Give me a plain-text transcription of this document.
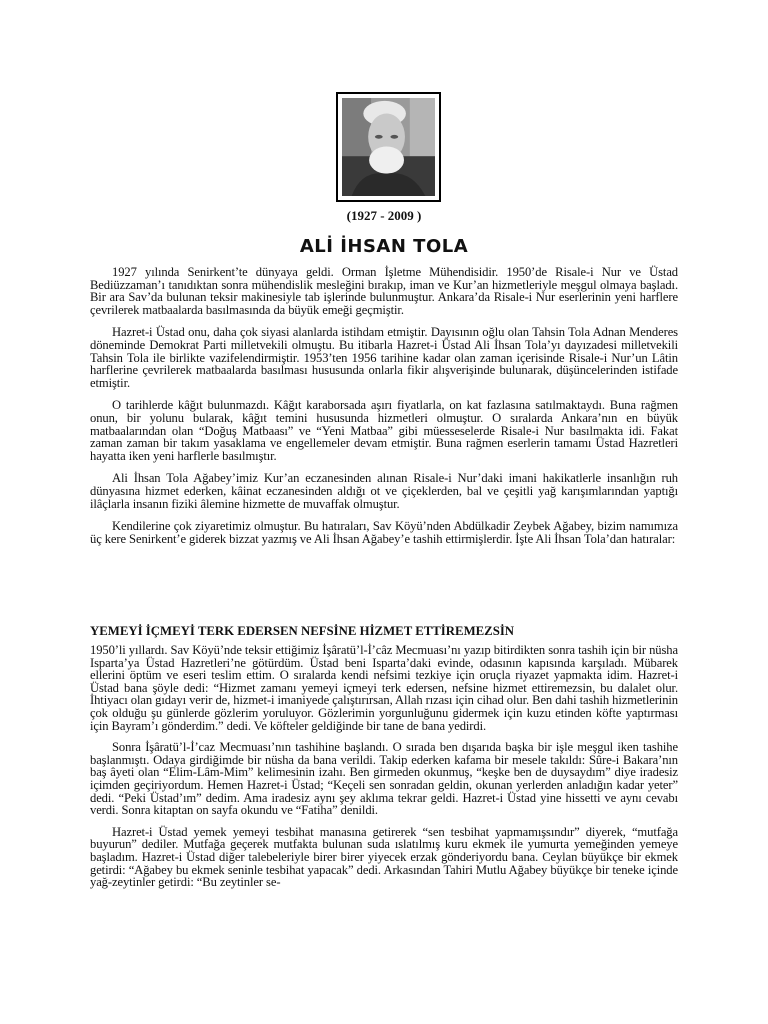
(1927 - 2009 )
ALİ İHSAN TOLA

1927 yılında Senirkent’te dünyaya geldi. Orman İşletme Mühendisidir. 1950’de Risale-i Nur ve Üstad Bediüzzaman’ı tanıdıktan sonra mühendislik mesleğini bırakıp, iman ve Kur’an hizmetleriyle meşgul olmaya başladı. Bir ara Sav’da bulunan teksir makinesiyle tab işlerinde bulunmuştur. Ankara’da Risale-i Nur eserlerinin yeni harflere çevrilerek matbaalarda basılmasında da büyük emeği geçmiştir.

Hazret-i Üstad onu, daha çok siyasi alanlarda istihdam etmiştir. Dayısının oğlu olan Tahsin Tola Adnan Menderes döneminde Demokrat Parti milletvekili olmuştu. Bu itibarla Hazret-i Üstad Ali İhsan Tola’yı dayızadesi milletvekili Tahsin Tola ile birlikte vazifelendirmiştir. 1953’ten 1956 tarihine kadar olan zaman içerisinde Risale-i Nur’un Lâtin harflerine çevrilerek matbaalarda basılması hususunda onlarla fikir alışverişinde bulunarak, düşüncelerinden istifade etmiştir.

O tarihlerde kâğıt bulunmazdı. Kâğıt karaborsada aşırı fiyatlarla, on kat fazlasına satılmaktaydı. Buna rağmen onun, bir yolunu bularak, kâğıt temini hususunda hizmetleri olmuştur. O sıralarda Ankara’nın en büyük matbaalarından olan “Doğuş Matbaası” ve “Yeni Matbaa” gibi müesseselerde Risale-i Nur basılmakta idi. Fakat zaman zaman bir takım yasaklama ve engellemeler devam etmiştir. Buna rağmen eserlerin tamamı Üstad Hazretleri hayatta iken yeni harflerle basılmıştır.

Ali İhsan Tola Ağabey’imiz Kur’an eczanesinden alınan Risale-i Nur’daki imani hakikatlerle insanlığın ruh dünyasına hizmet ederken, kâinat eczanesinden aldığı ot ve çiçeklerden, bal ve çeşitli yağ karışımlarından yaptığı ilâçlarla insanın fiziki âlemine hizmette de muvaffak olmuştur.

Kendilerine çok ziyaretimiz olmuştur. Bu hatıraları, Sav Köyü’nden Abdülkadir Zeybek Ağabey, bizim namımıza üç kere Senirkent’e giderek bizzat yazmış ve Ali İhsan Ağabey’e tashih ettirmişlerdir. İşte Ali İhsan Tola’dan hatıralar:

YEMEYİ İÇMEYİ TERK EDERSEN NEFSİNE HİZMET ETTİREMEZSİN

1950’li yıllardı. Sav Köyü’nde teksir ettiğimiz İşâratü’l-İ’câz Mecmuası’nı yazıp bitirdikten sonra tashih için bir nüsha Isparta’ya Üstad Hazretleri’ne götürdüm. Üstad beni Isparta’daki evinde, odasının kapısında karşıladı. Mübarek ellerini öptüm ve eseri teslim ettim. O sıralarda kendi nefsimi tezkiye için oruçla riyazet yapmakta idim. Hazret-i Üstad bana şöyle dedi: “Hizmet zamanı yemeyi içmeyi terk edersen, nefsine hizmet ettiremezsin, bu dalalet olur. İhtiyacı olan gıdayı verir de, hizmet-i imaniyede çalıştırırsan, Allah rızası için cihad olur. Ben dahi tashih hizmetlerinin çok olduğu şu günlerde gözlerim yoruluyor. Gözlerimin yorgunluğunu gidermek için kuzu etinden köfte yaptırması için Bayram’ı gönderdim.” dedi. Ve köfteler geldiğinde bir tane de bana yedirdi.

Sonra İşâratü’l-İ’caz Mecmuası’nın tashihine başlandı. O sırada ben dışarıda başka bir işle meşgul iken tashihe başlanmıştı. Odaya girdiğimde bir nüsha da bana verildi. Takip ederken kafama bir mesele takıldı: Sûre-i Bakara’nın baş âyeti olan “Elim-Lâm-Mim” kelimesinin izahı. Ben girmeden okunmuş, “keşke ben de duysaydım” diye iradesiz içimden geçiriyordum. Hemen Hazret-i Üstad; “Keçeli sen sonradan geldin, okunan yerlerden anladığın kadar yeter” dedi. “Peki Üstad’ım” dedim. Ama iradesiz aynı şey aklıma tekrar geldi. Hazret-i Üstad yine hissetti ve aynı cevabı verdi. Sonra kitaptan on sayfa okundu ve “Fatiha” denildi.

Hazret-i Üstad yemek yemeyi tesbihat manasına getirerek “sen tesbihat yapmamışsındır” diyerek, “mutfağa buyurun” dediler. Mutfağa geçerek mutfakta bulunan suda ıslatılmış kuru ekmek ile yumurta yemeğinden yemeye başladım. Hazret-i Üstad diğer talebeleriyle birer birer yiyecek erzak gönderiyordu bana. Ceylan büyükçe bir ekmek getirdi: “Ağabey bu ekmek seninle tesbihat yapacak” dedi. Arkasından Tahiri Mutlu Ağabey büyükçe bir teneke içinde yağ-zeytinler getirdi: “Bu zeytinler se-
